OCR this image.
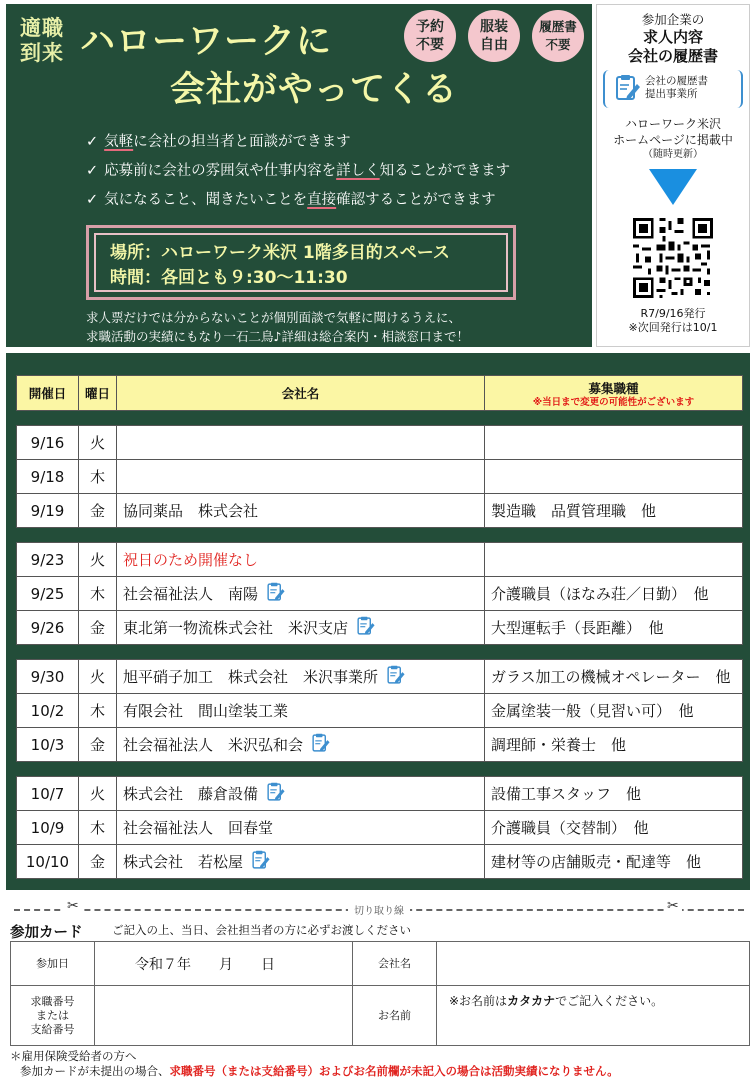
適職
到来 ハローワークに
会社がやってくる
予約
不要
服装
自由
履歴書
不要
✓ 気軽に会社の担当者と面談ができます
✓ 応募前に会社の雰囲気や仕事内容を詳しく知ることができます
✓ 気になること、聞きたいことを直接確認することができます
場所：ハローワーク米沢 1階多目的スペース
時間：各回とも９:30〜11:30
求人票だけでは分からないことが個別面談で気軽に聞けるうえに、
求職活動の実績にもなり一石二鳥♪詳細は総合案内・相談窓口まで！
参加企業の
求人内容
会社の履歴書
会社の履歴書
提出事業所
ハローワーク米沢
ホームページに掲載中
（随時更新）
R7/9/16発行
※次回発行は10/1
開催日	曜日	会社名	募集職種
※当日まで変更の可能性がございます

9/16	火		
9/18	木		
9/19	金	協同薬品　株式会社	製造職　品質管理職　他

9/23	火	祝日のため開催なし	
9/25	木	社会福祉法人　南陽	介護職員（ほなみ荘／日勤）　他
9/26	金	東北第一物流株式会社　米沢支店	大型運転手（長距離）　他

9/30	火	旭平硝子加工　株式会社　米沢事業所	ガラス加工の機械オペレーター　他
10/2	木	有限会社　間山塗装工業	金属塗装一般（見習い可）　他
10/3	金	社会福祉法人　米沢弘和会	調理師・栄養士　他

10/7	火	株式会社　藤倉設備	設備工事スタッフ　他
10/9	木	社会福祉法人　回春堂	介護職員（交替制）　他
10/10	金	株式会社　若松屋	建材等の店舗販売・配達等　他
✂	切り取り線	✂
参加カード	ご記入の上、当日、会社担当者の方に必ずお渡しください
参加日	令和７年　　月　　日	会社名	

求職番号
または
支給番号		お名前	※お名前はカタカナでご記入ください。
＊雇用保険受給者の方へ
参加カードが未提出の場合、求職番号（または支給番号）およびお名前欄が未記入の場合は活動実績になりません。
